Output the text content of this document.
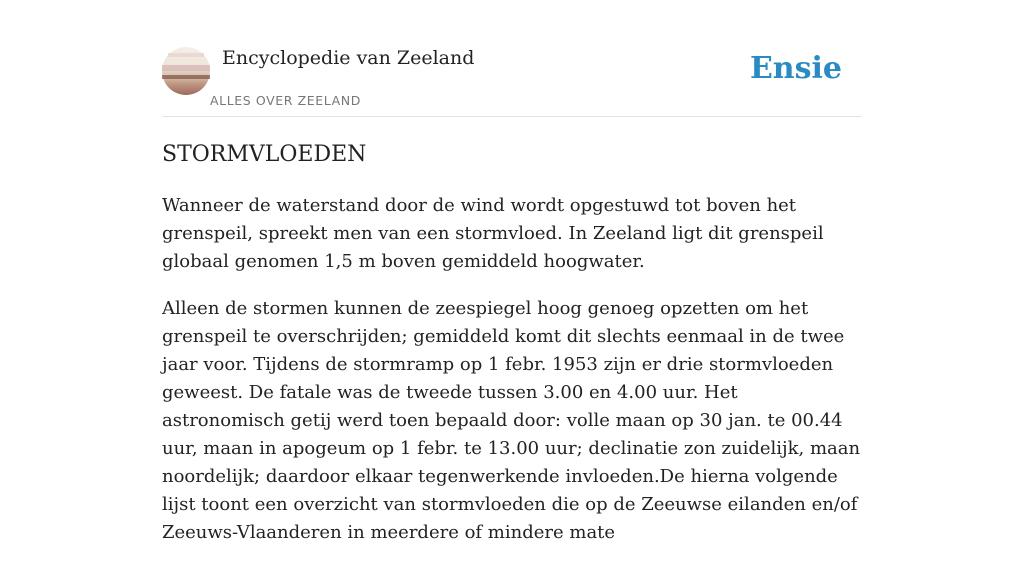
Encyclopedie van Zeeland
ALLES OVER ZEELAND
Ensie
STORMVLOEDEN

Wanneer de waterstand door de wind wordt opgestuwd tot boven het grenspeil, spreekt men van een stormvloed. In Zeeland ligt dit grenspeil globaal genomen 1,5 m boven gemiddeld hoogwater.

Alleen de stormen kunnen de zeespiegel hoog genoeg opzetten om het grenspeil te overschrijden; gemiddeld komt dit slechts eenmaal in de twee jaar voor. Tijdens de stormramp op 1 febr. 1953 zijn er drie stormvloeden geweest. De fatale was de tweede tussen 3.00 en 4.00 uur. Het astronomisch getij werd toen bepaald door: volle maan op 30 jan. te 00.44 uur, maan in apogeum op 1 febr. te 13.00 uur; declinatie zon zuidelijk, maan noordelijk; daardoor elkaar tegenwerkende invloeden.De hierna volgende lijst toont een overzicht van stormvloeden die op de Zeeuwse eilanden en/of Zeeuws-Vlaanderen in meerdere of mindere mate
